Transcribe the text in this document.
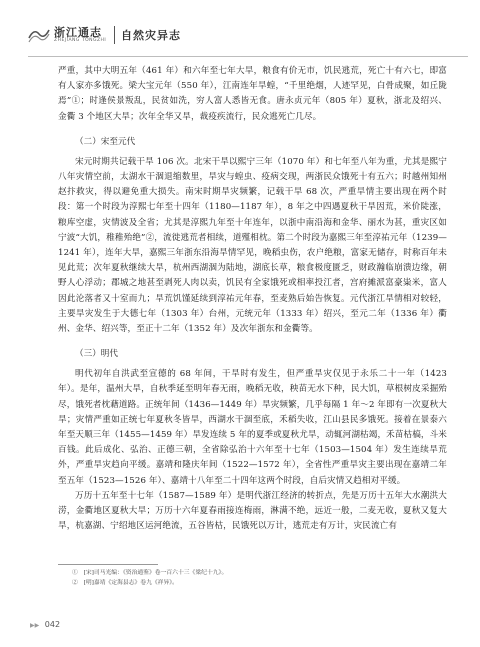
浙江通志
ZHEJIANG TONGZHI 自然灾异志

严重，其中大明五年（461 年）和六年至七年大旱，粮食有价无市，饥民逃荒，死亡十有六七，即富有人家亦多饿死。梁大宝元年（550 年），江南连年旱蝗，“千里绝烟，人迹罕见，白骨成聚，如丘陇焉”①；时逢侯景叛乱，民贫如洗，穷人富人悉皆无食。唐永贞元年（805 年）夏秋，浙北及绍兴、金衢 3 个地区大旱；次年全华又旱，裁疫疾流行，民众逃死亡几尽。

（二）宋至元代

宋元时期共记载干旱 106 次。北宋干旱以熙宁三年（1070 年）和七年至八年为重，尤其是熙宁八年灾情空前，太湖水干涸退缩数里，旱灾与蝗虫、疫病交现，两浙民众饿死十有五六；时越州知州赵抃救灾，得以避免重大损失。南宋时期旱灾频繁，记载干旱 68 次，严重旱情主要出现在两个时段：第一个时段为淳熙七年至十四年（1180—1187 年），8 年之中四遇夏秋干旱因荒，米价陡涨，粮库空虚，灾情波及全省；尤其是淳熙九年至十年连年，以浙中南沿海和金华、丽水为甚，重灾区如宁波“大饥，稚稚殆绝”②，流徙逃荒者相续，道殣相枕。第二个时段为嘉熙三年至淳祐元年（1239—1241 年），连年大旱，嘉熙三年浙东沿海旱情罕见，晚稻虫伤，农户绝粮，富家无储存，时称百年未见此荒；次年夏秋继续大旱，杭州西湖涸为陆地，湖底长草，粮食极度匮乏，财政瀚临崩溃边缘，朝野人心浮动；郡城之地甚至剥死人肉以卖，饥民有全家饿死或相率投江者，宫府摊派富豪粜米，富人因此沦落者又十室而九；旱荒饥馑延续到淳祐元年春，至麦熟后始告恢复。元代浙江旱情相对较轻，主要旱灾发生于大德七年（1303 年）台州，元统元年（1333 年）绍兴，至元二年（1336 年）衢州、金华、绍兴等，至正十二年（1352 年）及次年浙东和金衢等。

（三）明代

明代初年自洪武至宣德的 68 年间，干旱时有发生，但严重旱灾仅见于永乐二十一年（1423 年）。是年，温州大旱，自秋季延至明年春无雨，晚稻无收，秧苗无水下种，民大饥，草根树皮采掘殆尽，饿死者枕藉道路。正统年间（1436—1449 年）旱灾频繁，几乎每隔 1 年～2 年即有一次夏秋大旱；灾情严重如正统七年夏秋冬皆旱，西湖水干涸至底，禾稻失收，江山县民多饿死。接着在景泰六年至天顺三年（1455—1459 年）旱发连续 5 年的夏季或夏秋尤旱，动辄河湖枯竭，禾苗枯槁，斗米百钱。此后成化、弘治、正德三朝，全省除弘治十六年至十七年（1503—1504 年）发生连续旱荒外，严重旱灾趋向平缓。嘉靖和隆庆年间（1522—1572 年），全省性严重旱灾主要出现在嘉靖二年至五年（1523—1526 年）、嘉靖十八年至二十四年这两个时段，自后灾情又趋相对平缓。

万历十五年至十七年（1587—1589 年）是明代浙江经济的转折点，先是万历十五年大水潮洪大涝，金衢地区夏秋大旱；万历十六年夏春雨接连梅雨，淋满不绝，远近一般，二麦无收，夏秋又复大旱，杭嘉湖、宁绍地区运河绝流，五谷皆枯，民饿死以万计，逃荒走有万计，灾民流亡有

①　[宋]司马光编：《资治通鉴》卷一百六十三《梁纪十九》。

②　[明]嘉靖《定海县志》卷九《祥异》。

▶▶ 042
